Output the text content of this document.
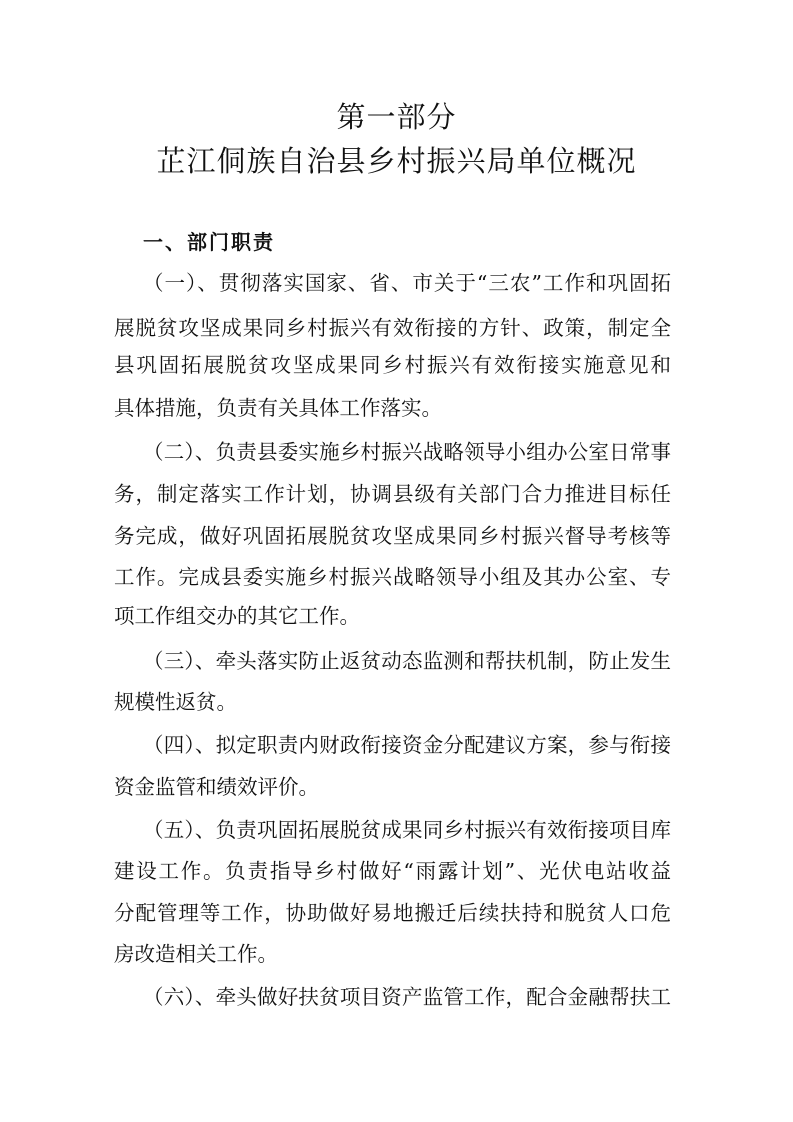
第一部分
芷江侗族自治县乡村振兴局单位概况
一、部门职责
（一）、贯彻落实国家、省、市关于“三农”工作和巩固拓
展脱贫攻坚成果同乡村振兴有效衔接的方针、政策，制定全
县巩固拓展脱贫攻坚成果同乡村振兴有效衔接实施意见和
具体措施，负责有关具体工作落实。
（二）、负责县委实施乡村振兴战略领导小组办公室日常事
务，制定落实工作计划，协调县级有关部门合力推进目标任
务完成，做好巩固拓展脱贫攻坚成果同乡村振兴督导考核等
工作。完成县委实施乡村振兴战略领导小组及其办公室、专
项工作组交办的其它工作。
（三）、牵头落实防止返贫动态监测和帮扶机制，防止发生
规模性返贫。
（四）、拟定职责内财政衔接资金分配建议方案，参与衔接
资金监管和绩效评价。
（五）、负责巩固拓展脱贫成果同乡村振兴有效衔接项目库
建设工作。负责指导乡村做好“雨露计划”、光伏电站收益
分配管理等工作，协助做好易地搬迁后续扶持和脱贫人口危
房改造相关工作。
（六）、牵头做好扶贫项目资产监管工作，配合金融帮扶工
